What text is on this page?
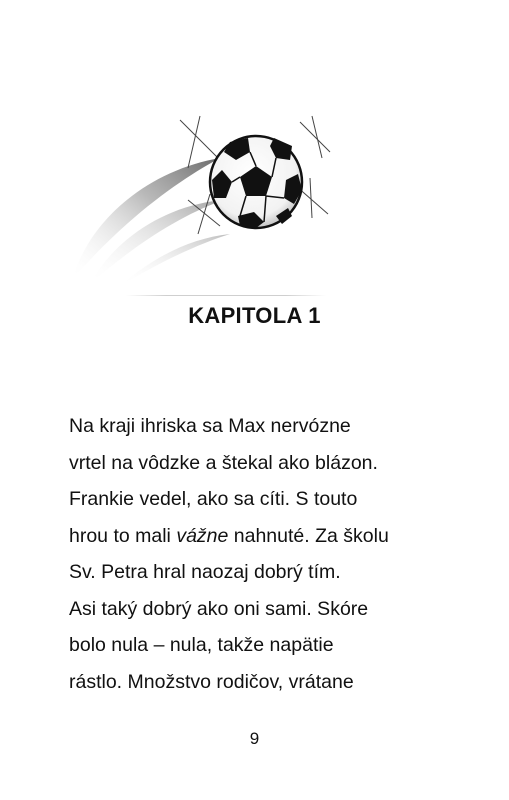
KAPITOLA 1
Na kraji ihriska sa Max nervózne
vrtel na vôdzke a štekal ako blázon.
Frankie vedel, ako sa cíti. S touto
hrou to mali vážne nahnuté. Za školu
Sv. Petra hral naozaj dobrý tím.
Asi taký dobrý ako oni sami. Skóre
bolo nula – nula, takže napätie
rástlo. Množstvo rodičov, vrátane
9
